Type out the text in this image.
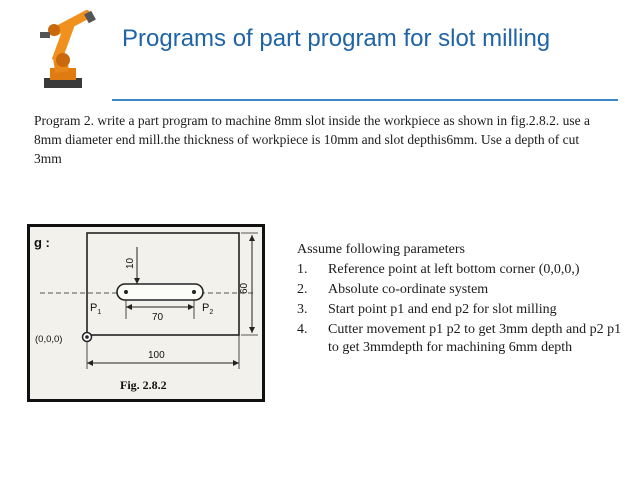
Programs of part program for slot milling
Program 2. write a part program to machine 8mm slot inside the workpiece as shown in fig.2.8.2. use a 8mm diameter end mill.the thickness of workpiece is 10mm and slot depthis6mm. Use a depth of cut 3mm
g :
(0,0,0)
$P_1$	$P_2$
70
100
10
60
Fig. 2.8.2
Assume following parameters
1. Reference point at left bottom corner (0,0,0,)
2. Absolute co-ordinate system
3. Start point p1 and end p2 for slot milling
4. Cutter movement p1 p2 to get 3mm depth and p2 p1 to get 3mmdepth for machining 6mm depth
